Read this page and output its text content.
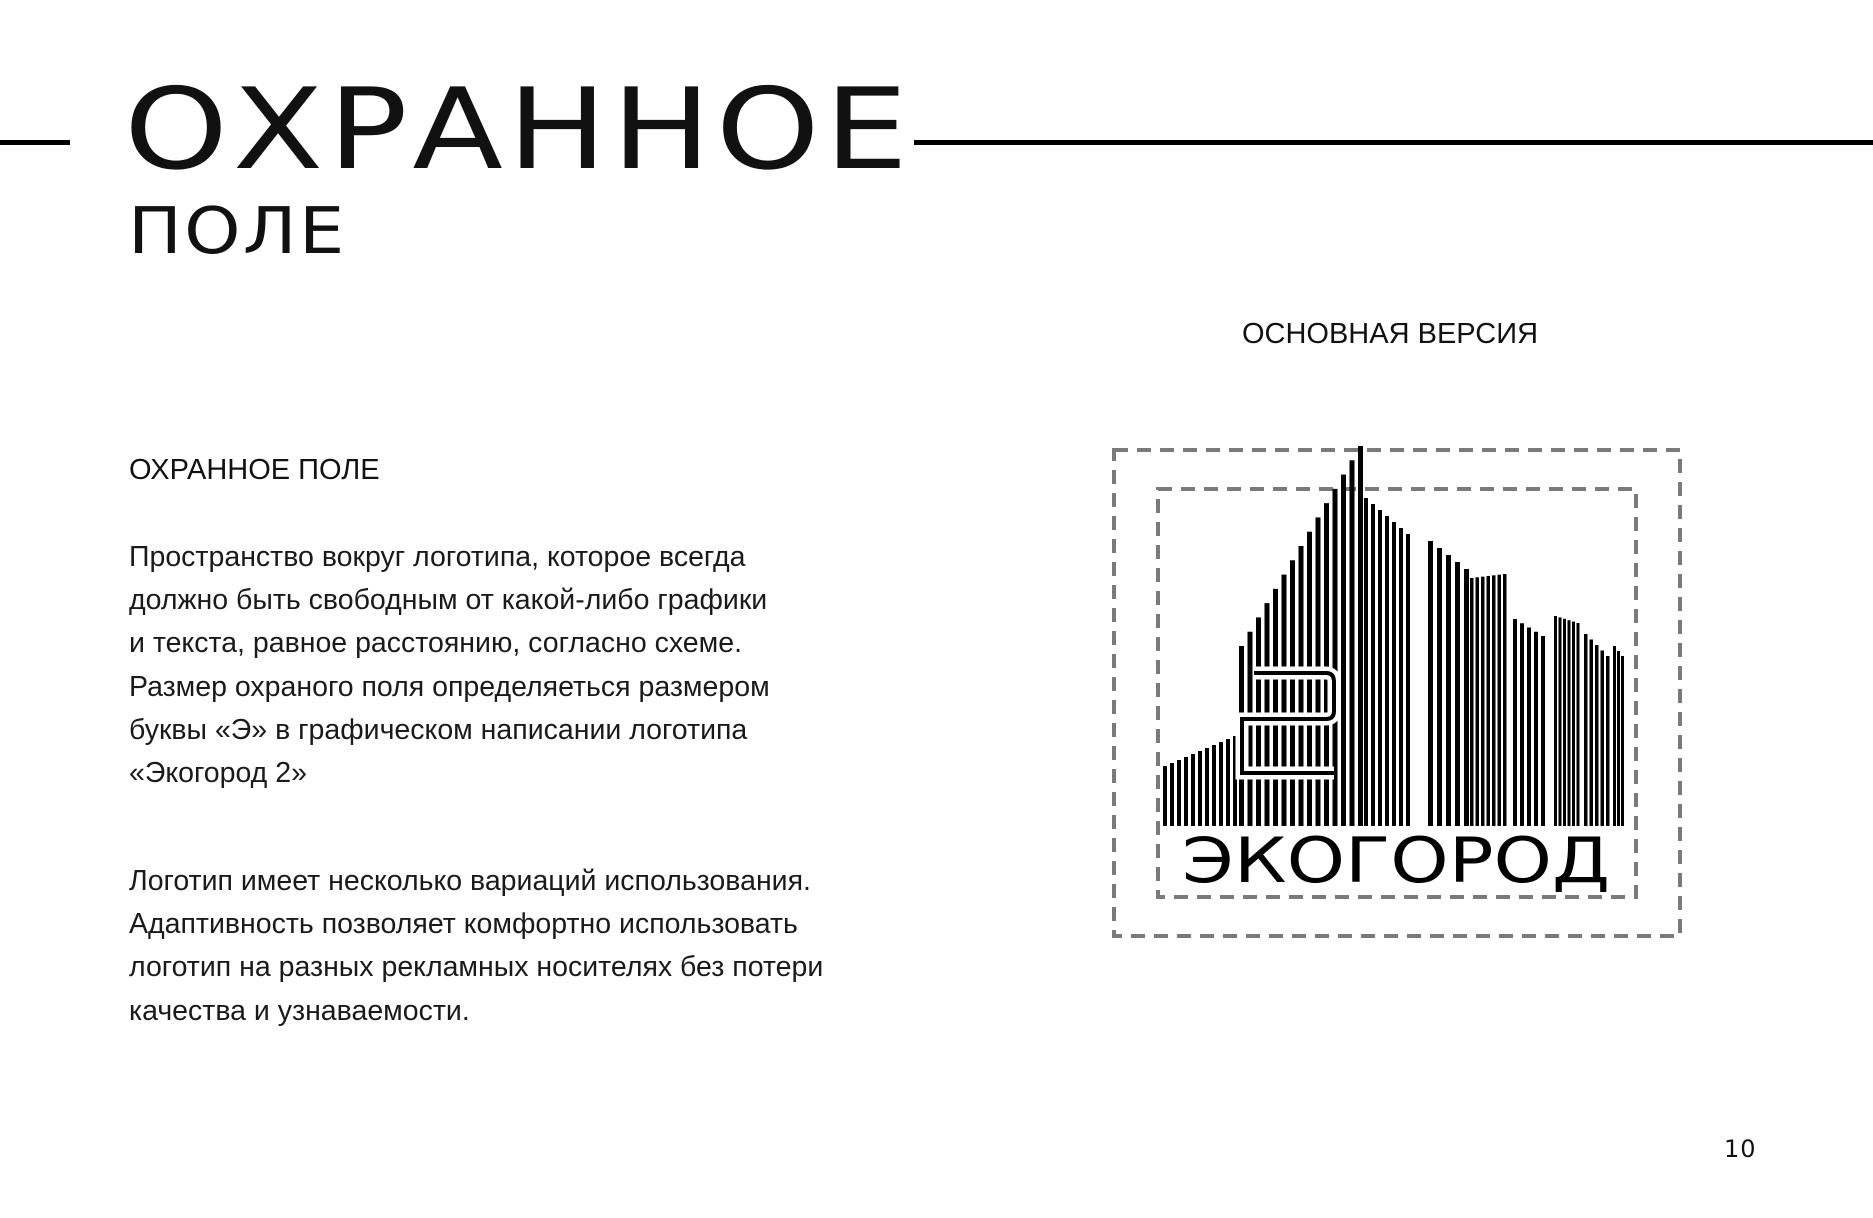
ОХРАННОЕ
ПОЛЕ
ОСНОВНАЯ ВЕРСИЯ
ОХРАННОЕ ПОЛЕ
Пространство вокруг логотипа, которое всегда
должно быть свободным от какой-либо графики
и текста, равное расстоянию, согласно схеме.
Размер охраного поля определяеться размером
буквы «Э» в графическом написании логотипа
«Экогород 2»
Логотип имеет несколько вариаций использования.
Адаптивность позволяет комфортно использовать
логотип на разных рекламных носителях без потери
качества и узнаваемости.
ЭКОГОРОД
10
